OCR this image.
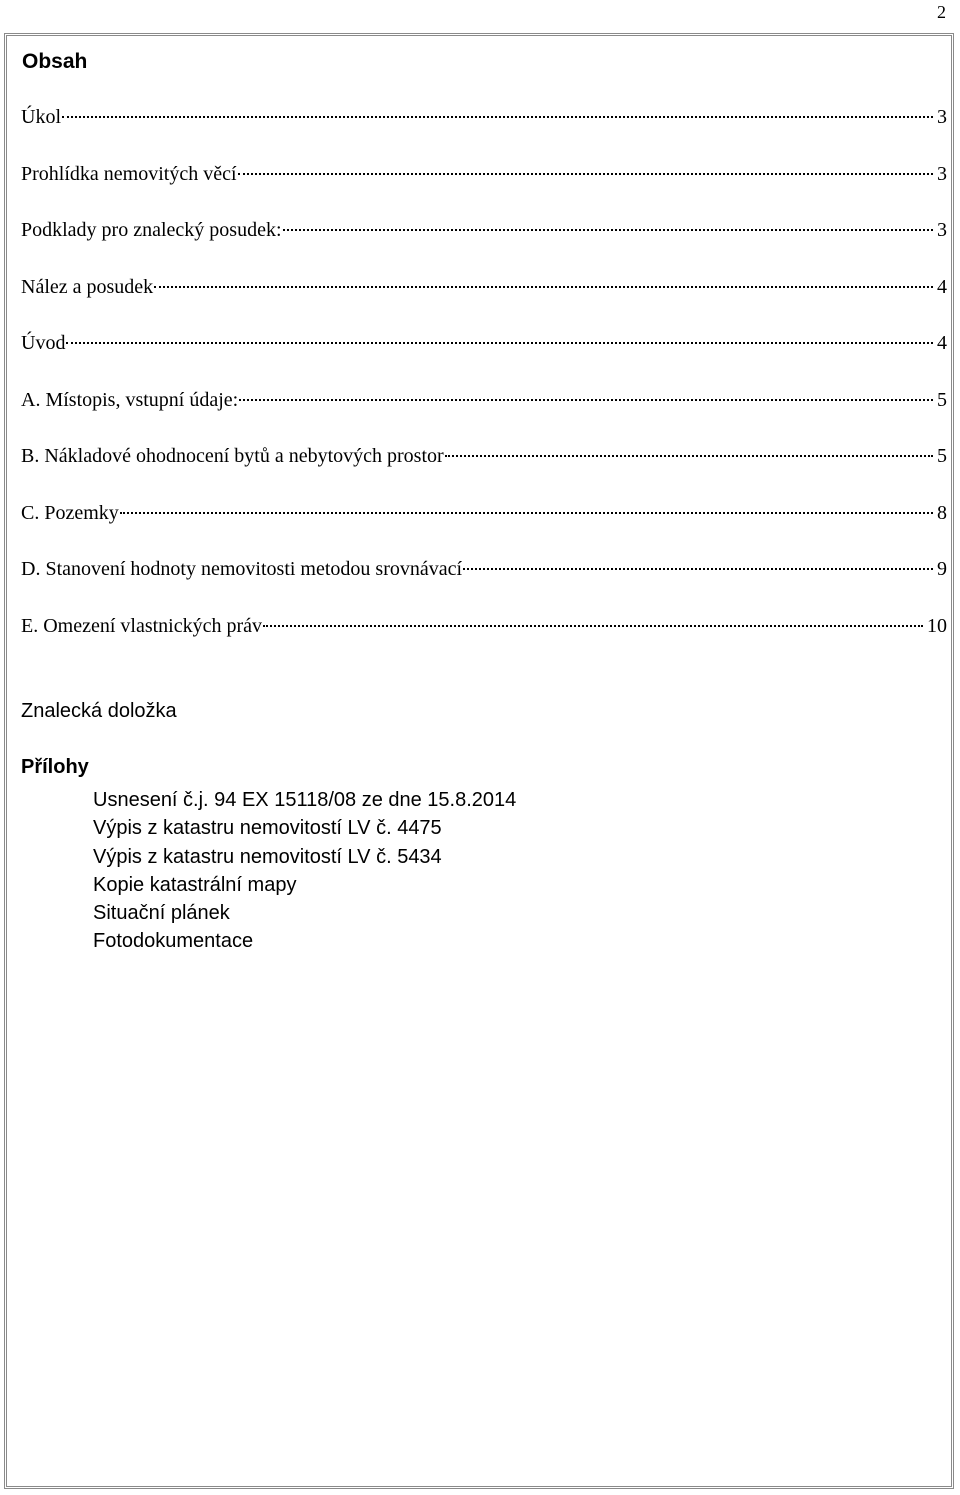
2
Obsah
Úkol	3
Prohlídka nemovitých věcí	3
Podklady pro znalecký posudek:	3
Nález a posudek	4
Úvod	4
A. Místopis, vstupní údaje:	5
B. Nákladové ohodnocení bytů a nebytových prostor	5
C. Pozemky	8
D. Stanovení hodnoty nemovitosti metodou srovnávací	9
E. Omezení vlastnických práv	10
Znalecká doložka
Přílohy
Usnesení č.j. 94 EX 15118/08 ze dne 15.8.2014
Výpis z katastru nemovitostí LV č. 4475
Výpis z katastru nemovitostí LV č. 5434
Kopie katastrální mapy
Situační plánek
Fotodokumentace
